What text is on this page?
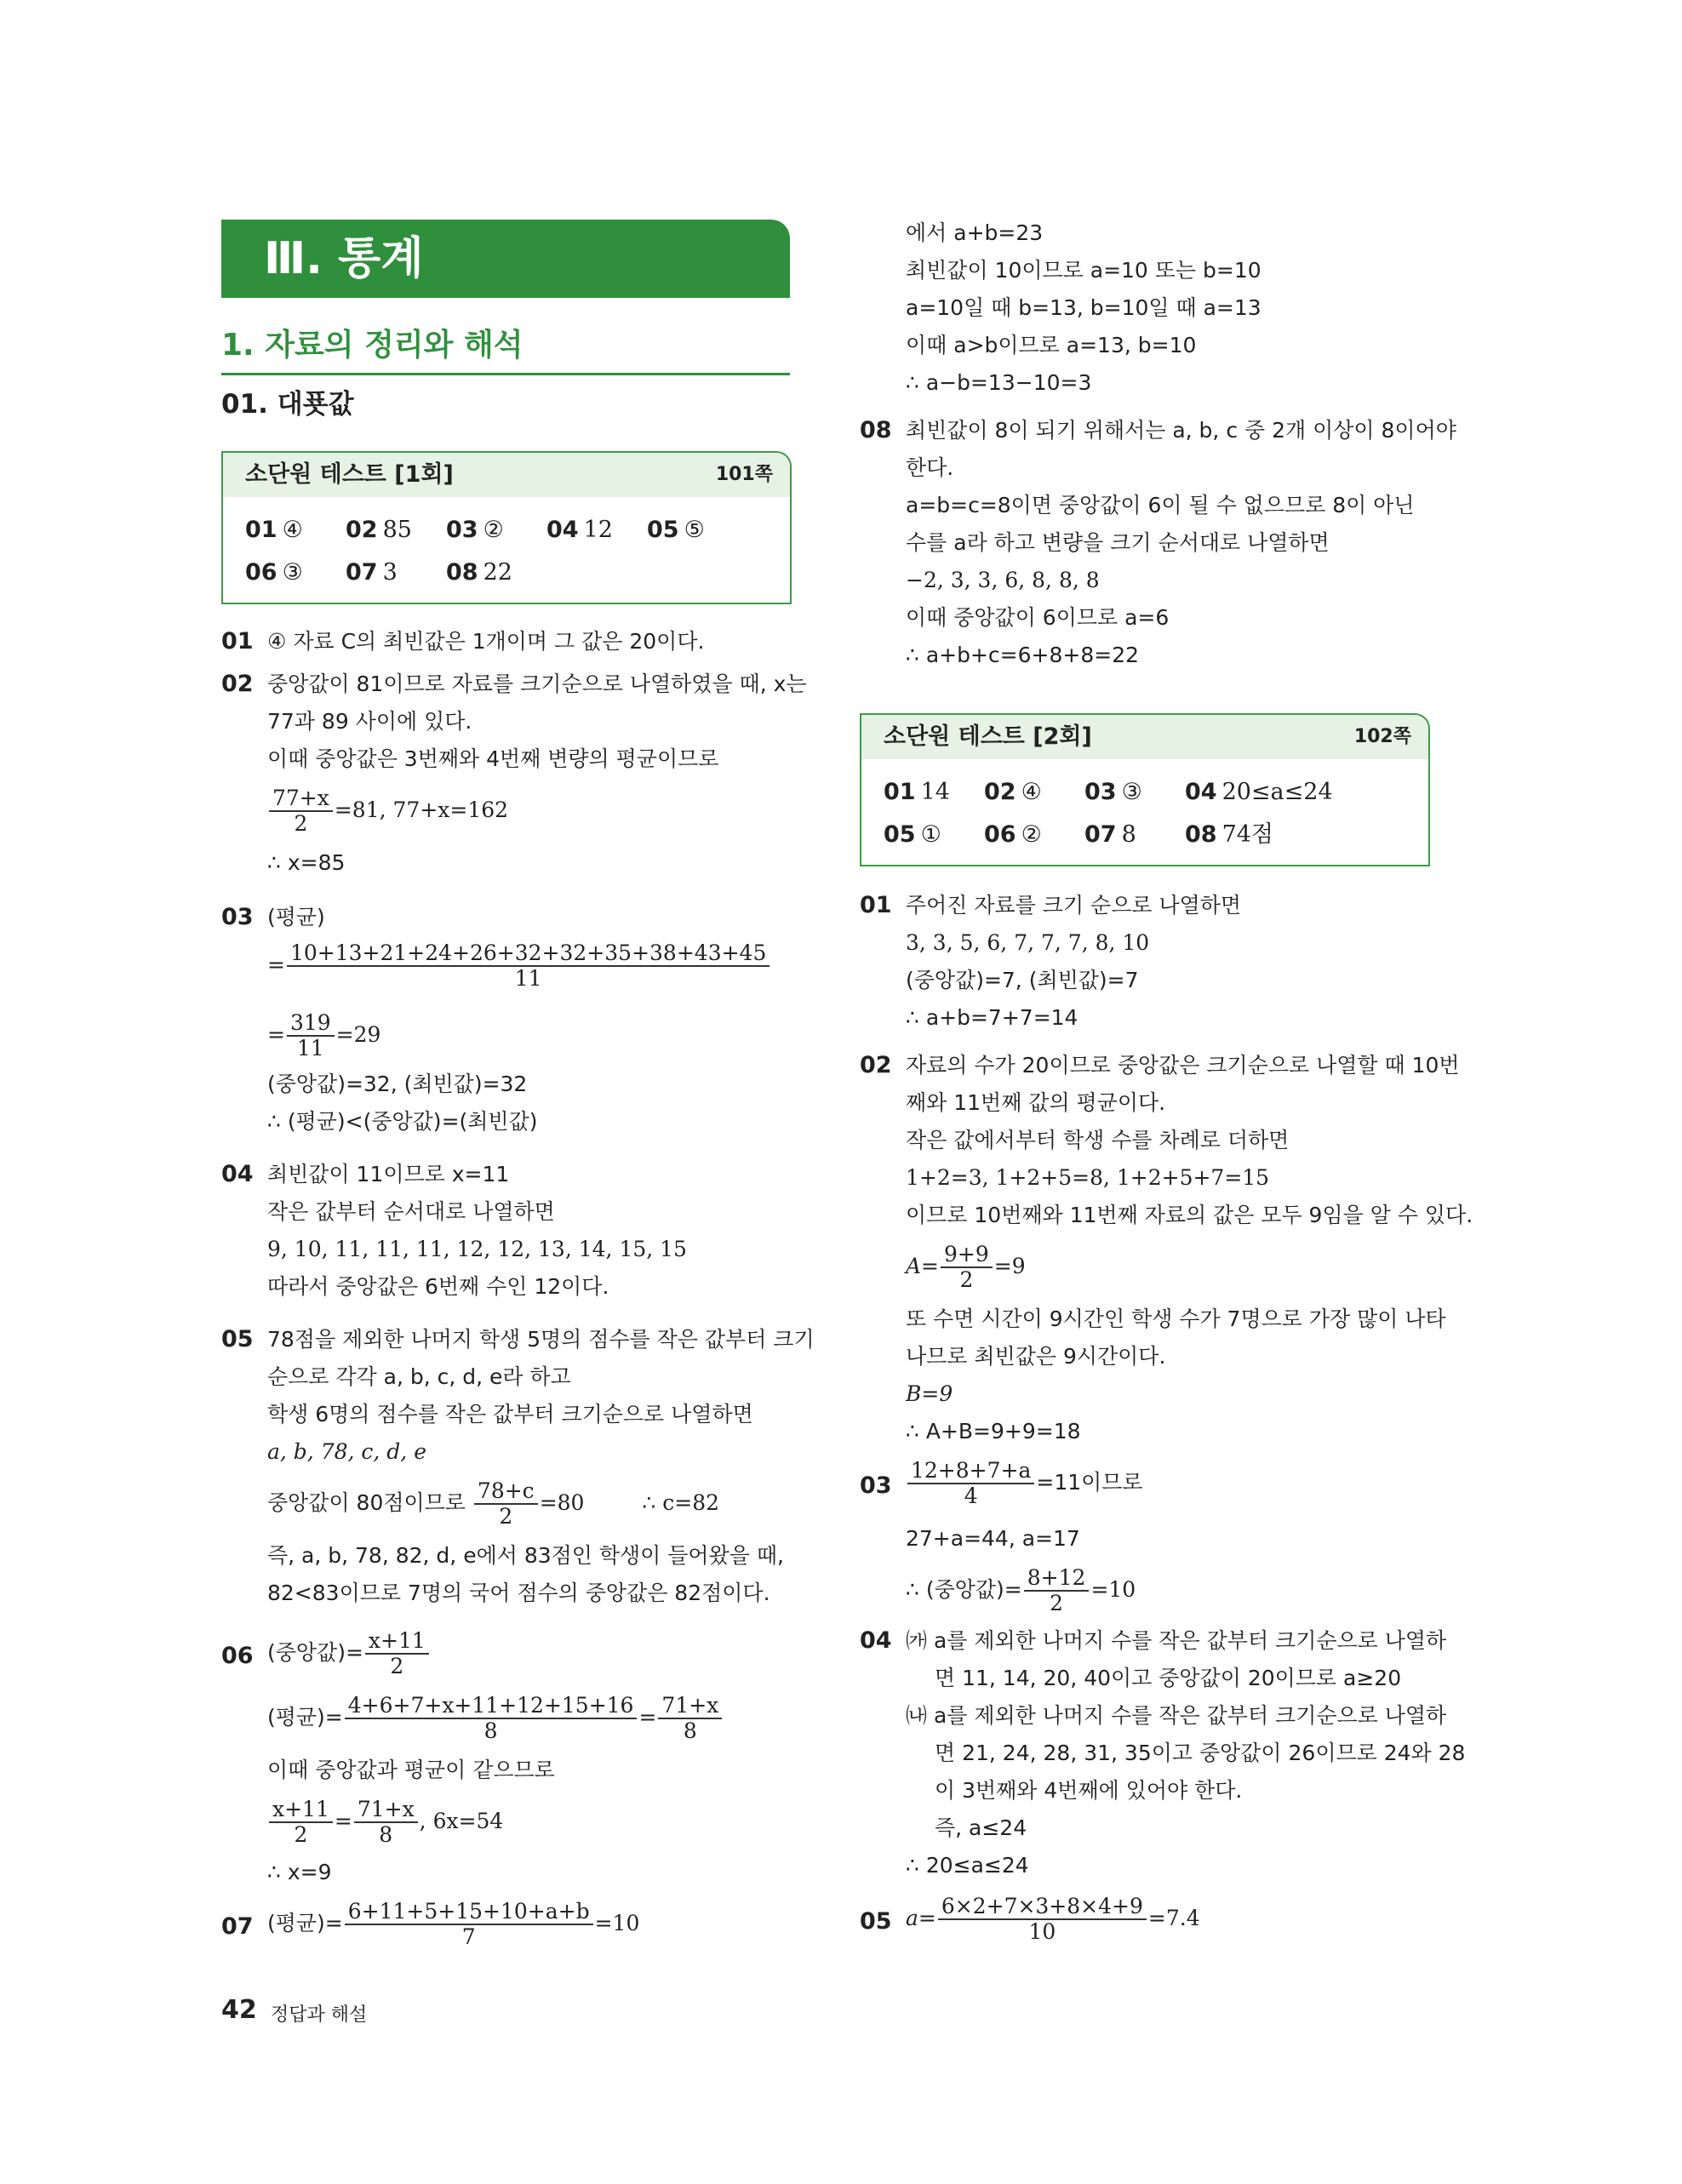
Ⅲ. 통계
1. 자료의 정리와 해석
01. 대푯값
소단원 테스트 [1회]	101쪽
01 ④ 02 85 03 ② 04 12 05 ⑤
06 ③ 07 3 08 22
01 ④ 자료 C의 최빈값은 1개이며 그 값은 20이다.
02 중앙값이 81이므로 자료를 크기순으로 나열하였을 때, x는
77과 89 사이에 있다.
이때 중앙값은 3번째와 4번째 변량의 평균이므로
$\frac{77+x}{2} =81$, 77+x=162
∴ x=85
03 (평균)
= $\frac{10+13+21+24+26+32+32+35+38+43+45}{11}$
= $\frac{319}{11} =29$
(중앙값)=32, (최빈값)=32
∴ (평균)<(중앙값)=(최빈값)
04 최빈값이 11이므로 x=11
작은 값부터 순서대로 나열하면
9, 10, 11, 11, 11, 12, 12, 13, 14, 15, 15
따라서 중앙값은 6번째 수인 12이다.
05 78점을 제외한 나머지 학생 5명의 점수를 작은 값부터 크기
순으로 각각 a, b, c, d, e라 하고
학생 6명의 점수를 작은 값부터 크기순으로 나열하면
a, b, 78, c, d, e
중앙값이 80점이므로 $\frac{78+c}{2} =80$	∴ c=82
즉, a, b, 78, 82, d, e에서 83점인 학생이 들어왔을 때,
82<83이므로 7명의 국어 점수의 중앙값은 82점이다.
06 (중앙값)= $\frac{x+11}{2}$
(평균)= $\frac{4+6+7+x+11+12+15+16}{8} = \frac{71+x}{8}$
이때 중앙값과 평균이 같으므로
$\frac{x+11}{2} = \frac{71+x}{8}$ , 6x=54
∴ x=9
07 (평균)= $\frac{6+11+5+15+10+a+b}{7} =10$
에서 a+b=23
최빈값이 10이므로 a=10 또는 b=10
a=10일 때 b=13, b=10일 때 a=13
이때 a>b이므로 a=13, b=10
∴ a−b=13−10=3
08 최빈값이 8이 되기 위해서는 a, b, c 중 2개 이상이 8이어야
한다.
a=b=c=8이면 중앙값이 6이 될 수 없으므로 8이 아닌
수를 a라 하고 변량을 크기 순서대로 나열하면
−2, 3, 3, 6, 8, 8, 8
이때 중앙값이 6이므로 a=6
∴ a+b+c=6+8+8=22
소단원 테스트 [2회]	102쪽
01 14 02 ④ 03 ③ 04 20≤a≤24
05 ① 06 ② 07 8 08 74점
01 주어진 자료를 크기 순으로 나열하면
3, 3, 5, 6, 7, 7, 7, 8, 10
(중앙값)=7, (최빈값)=7
∴ a+b=7+7=14
02 자료의 수가 20이므로 중앙값은 크기순으로 나열할 때 10번
째와 11번째 값의 평균이다.
작은 값에서부터 학생 수를 차례로 더하면
1+2=3, 1+2+5=8, 1+2+5+7=15
이므로 10번째와 11번째 자료의 값은 모두 9임을 알 수 있다.
$A= \frac{9+9}{2} =9$
또 수면 시간이 9시간인 학생 수가 7명으로 가장 많이 나타
나므로 최빈값은 9시간이다.
B=9
∴ A+B=9+9=18
$03 \frac{12+8+7+a}{4} =11$이므로
27+a=44, a=17
∴ (중앙값)= $\frac{8+12}{2} =10$
04 ㈎ a를 제외한 나머지 수를 작은 값부터 크기순으로 나열하
면 11, 14, 20, 40이고 중앙값이 20이므로 a≥20
㈏ a를 제외한 나머지 수를 작은 값부터 크기순으로 나열하
면 21, 24, 28, 31, 35이고 중앙값이 26이므로 24와 28
이 3번째와 4번째에 있어야 한다.
즉, a≤24
∴ 20≤a≤24
05 $a= \frac{6\times 2+7\times 3+8\times 4+9}{10} =7.4$
42 정답과 해설
